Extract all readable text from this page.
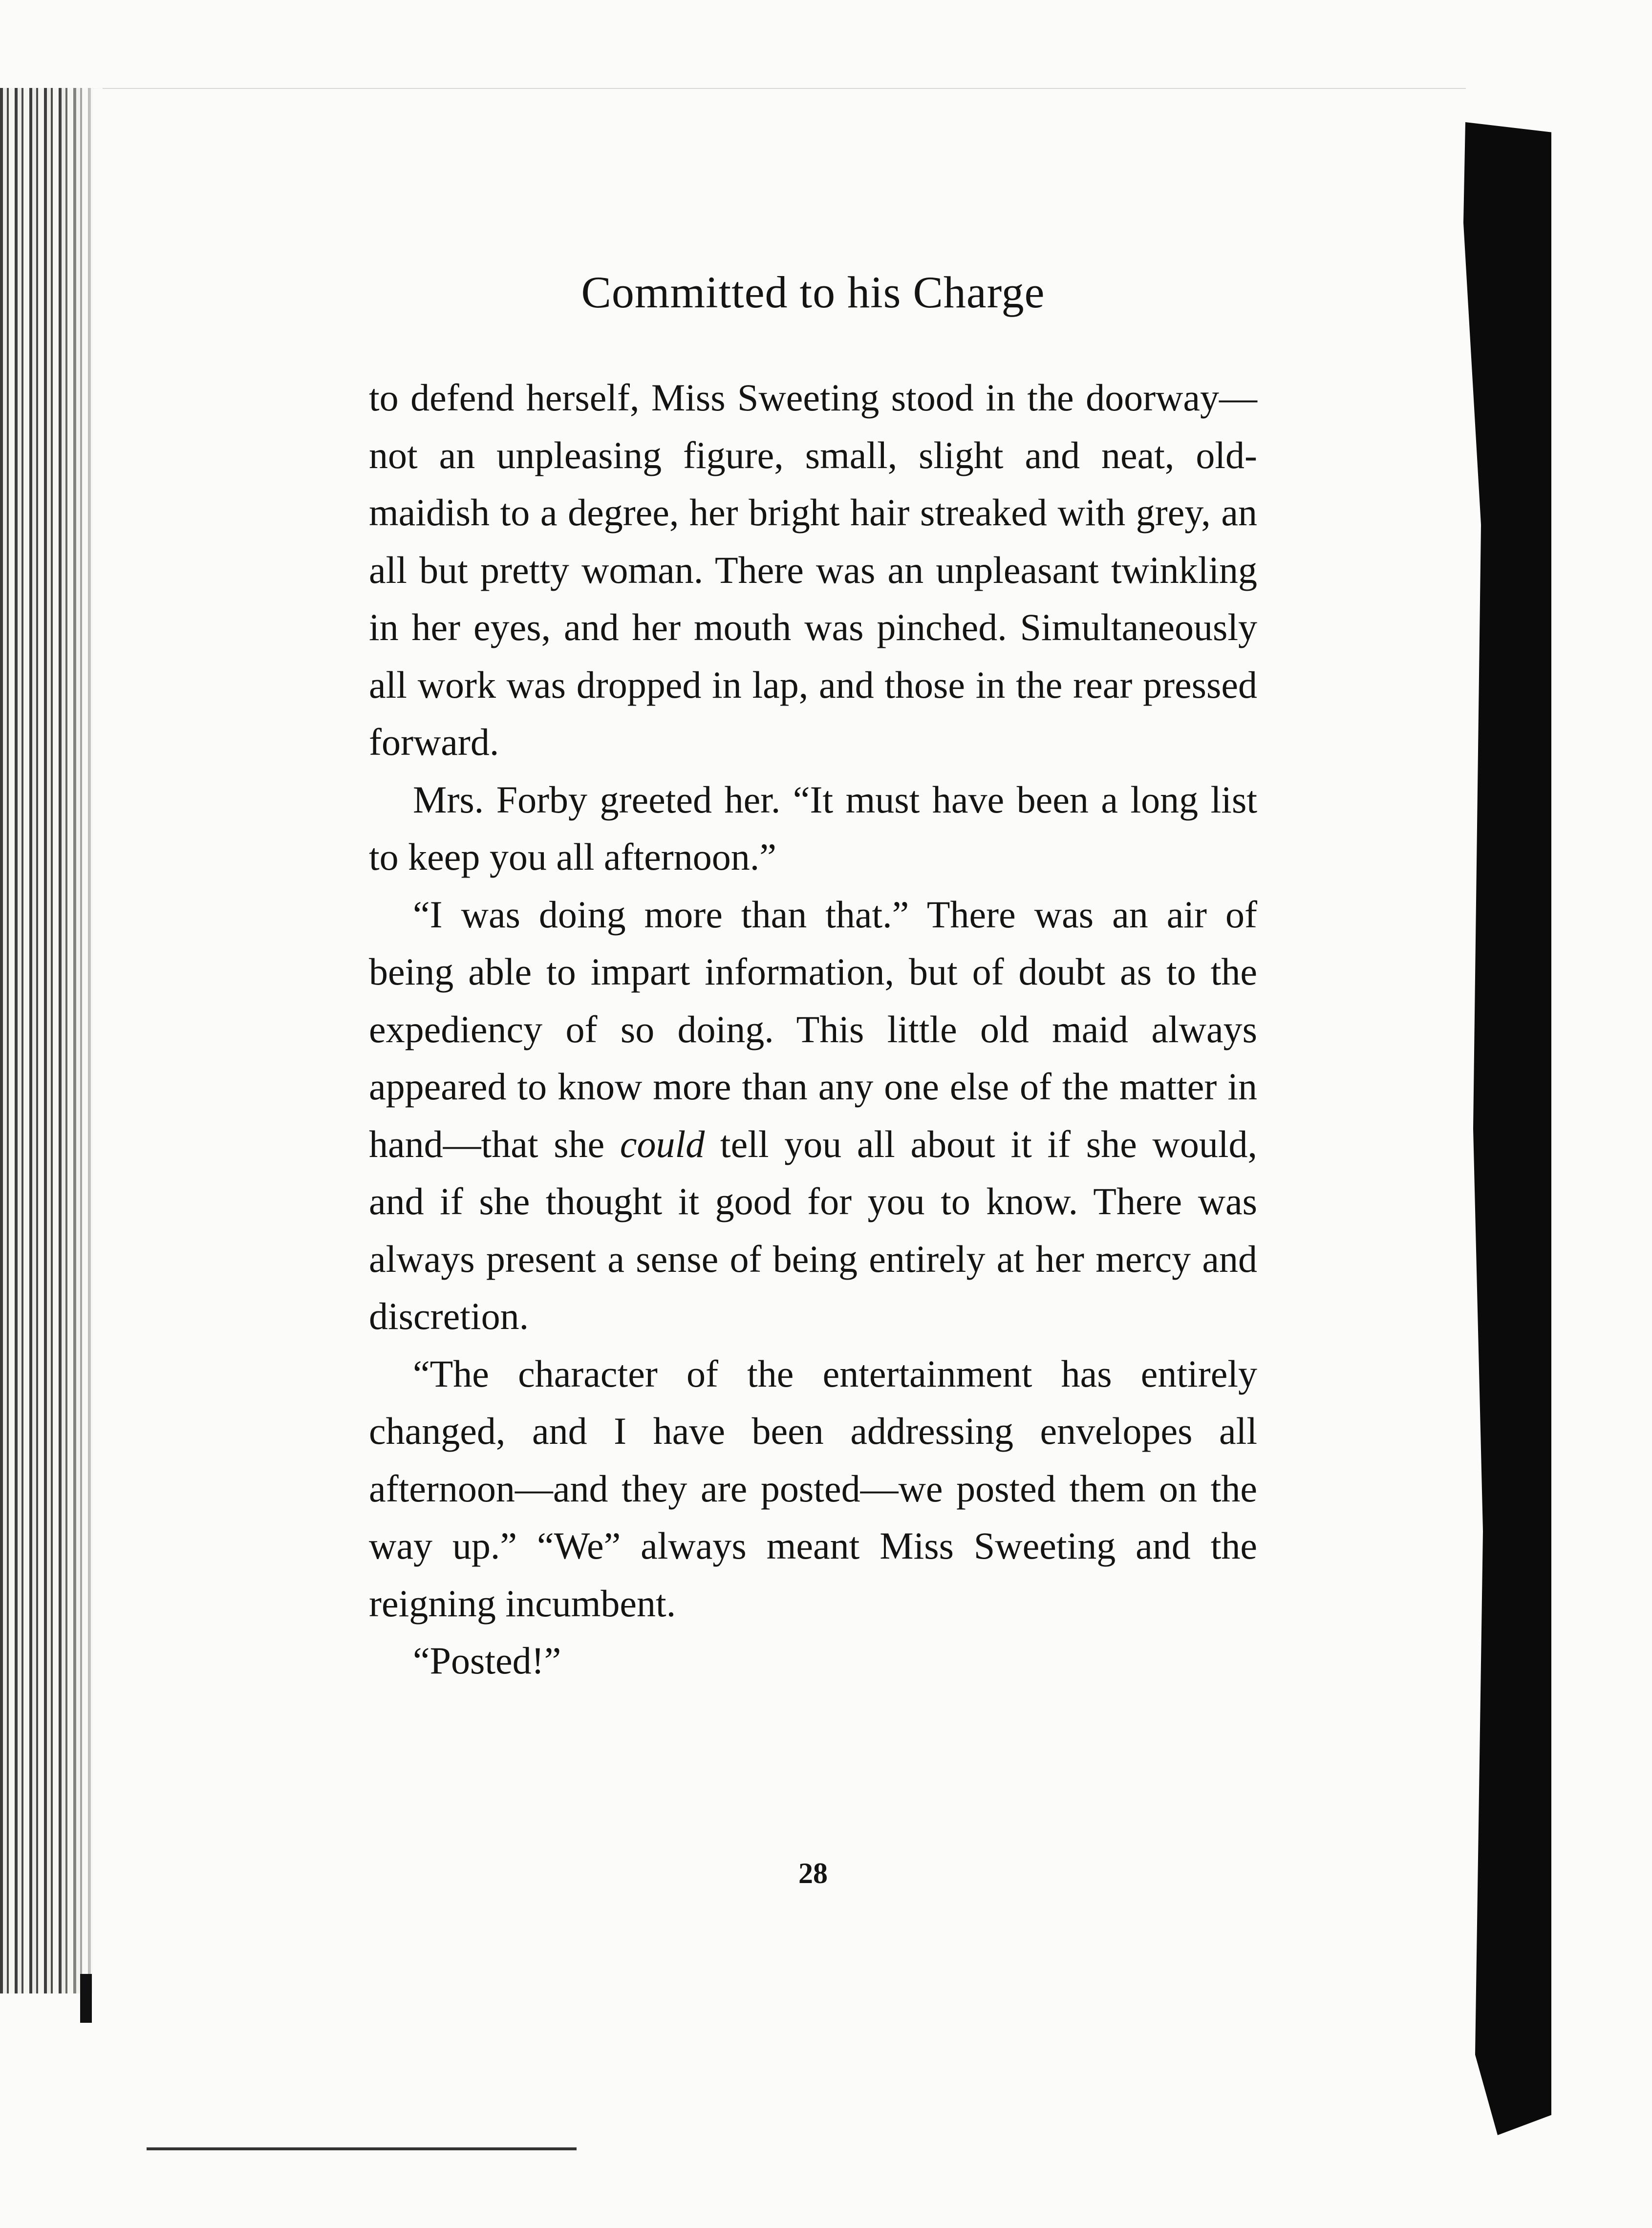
Committed to his Charge

to defend herself, Miss Sweeting stood in the doorway—not an unpleasing figure, small, slight and neat, old-maidish to a degree, her bright hair streaked with grey, an all but pretty woman. There was an unpleasant twinkling in her eyes, and her mouth was pinched. Simultaneously all work was dropped in lap, and those in the rear pressed forward.

Mrs. Forby greeted her. “It must have been a long list to keep you all afternoon.”

“I was doing more than that.” There was an air of being able to impart information, but of doubt as to the expediency of so doing. This little old maid always appeared to know more than any one else of the matter in hand—that she could tell you all about it if she would, and if she thought it good for you to know. There was always present a sense of being entirely at her mercy and discretion.

“The character of the entertainment has entirely changed, and I have been addressing envelopes all afternoon—and they are posted—we posted them on the way up.” “We” always meant Miss Sweeting and the reigning incumbent.

“Posted!”

28
